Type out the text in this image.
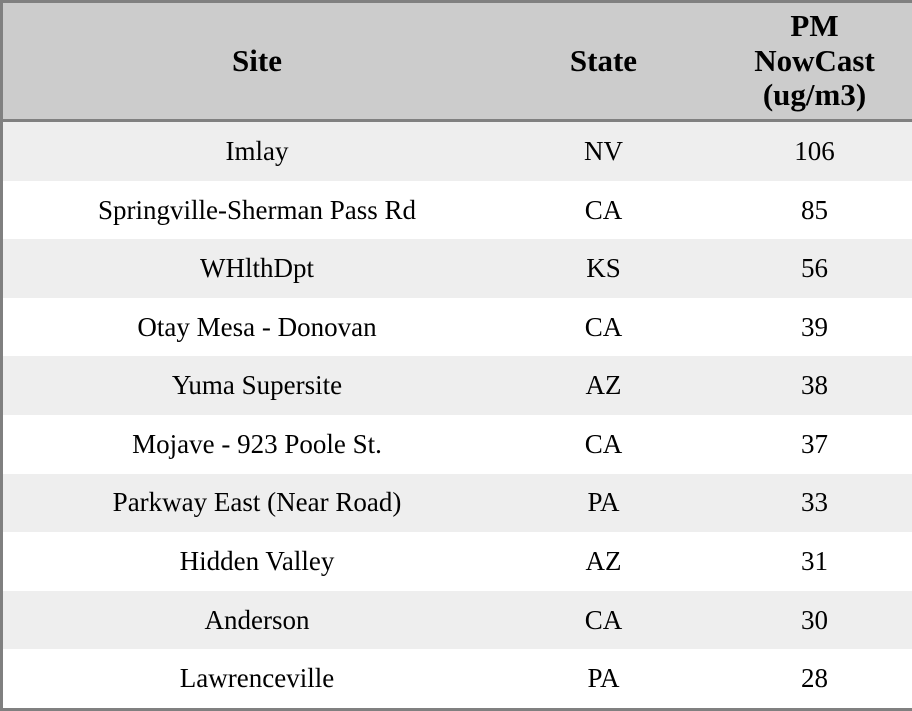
Site	State	PM
NowCast
(ug/m3)

Imlay	NV	106
Springville-Sherman Pass Rd	CA	85
WHlthDpt	KS	56
Otay Mesa - Donovan	CA	39
Yuma Supersite	AZ	38
Mojave - 923 Poole St.	CA	37
Parkway East (Near Road)	PA	33
Hidden Valley	AZ	31
Anderson	CA	30
Lawrenceville	PA	28
